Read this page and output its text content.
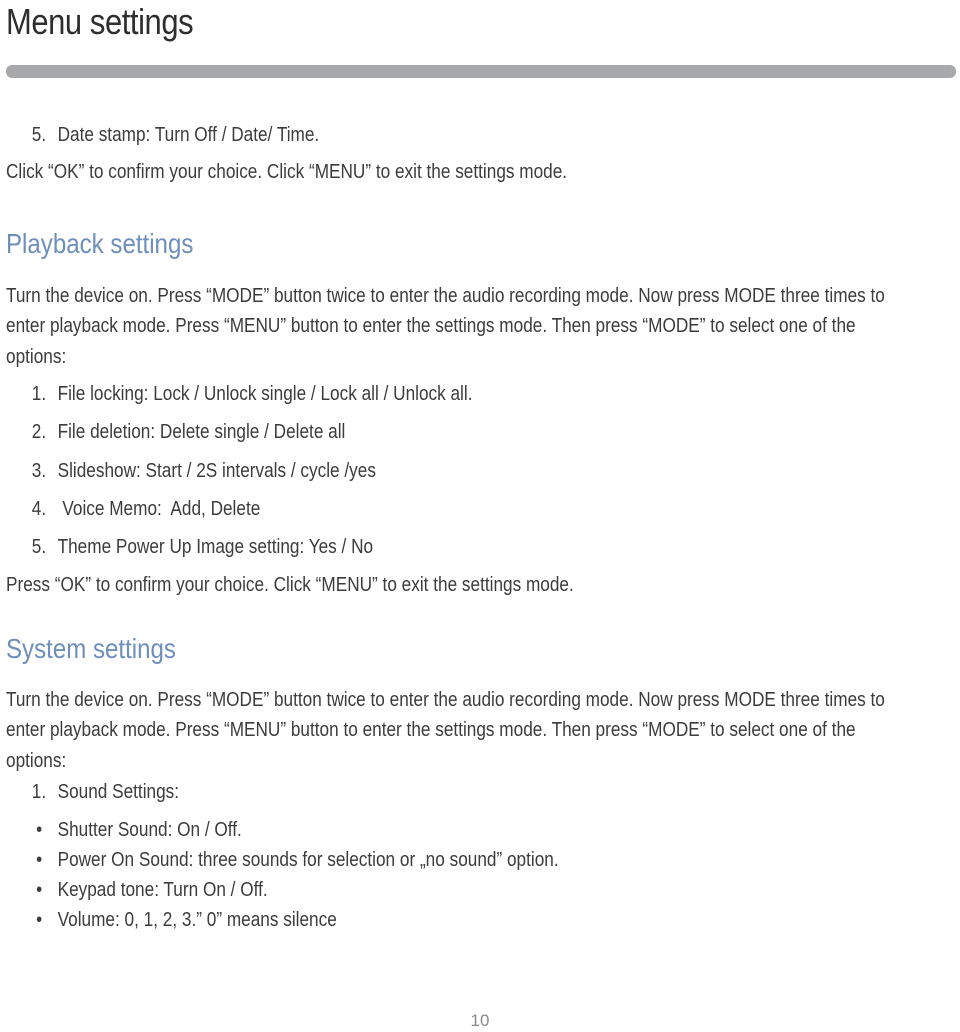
Menu settings
5. Date stamp: Turn Off / Date/ Time.
Click “OK” to confirm your choice. Click “MENU” to exit the settings mode.
Playback settings
Turn the device on. Press “MODE” button twice to enter the audio recording mode. Now press MODE three times to
enter playback mode. Press “MENU” button to enter the settings mode. Then press “MODE” to select one of the
options:
1. File locking: Lock / Unlock single / Lock all / Unlock all.
2. File deletion: Delete single / Delete all
3. Slideshow: Start / 2S intervals / cycle /yes
4. Voice Memo:  Add, Delete
5. Theme Power Up Image setting: Yes / No
Press “OK” to confirm your choice. Click “MENU” to exit the settings mode.
System settings
Turn the device on. Press “MODE” button twice to enter the audio recording mode. Now press MODE three times to
enter playback mode. Press “MENU” button to enter the settings mode. Then press “MODE” to select one of the
options:
1. Sound Settings:
• Shutter Sound: On / Off.
• Power On Sound: three sounds for selection or „no sound” option.
• Keypad tone: Turn On / Off.
• Volume: 0, 1, 2, 3.” 0” means silence
10
